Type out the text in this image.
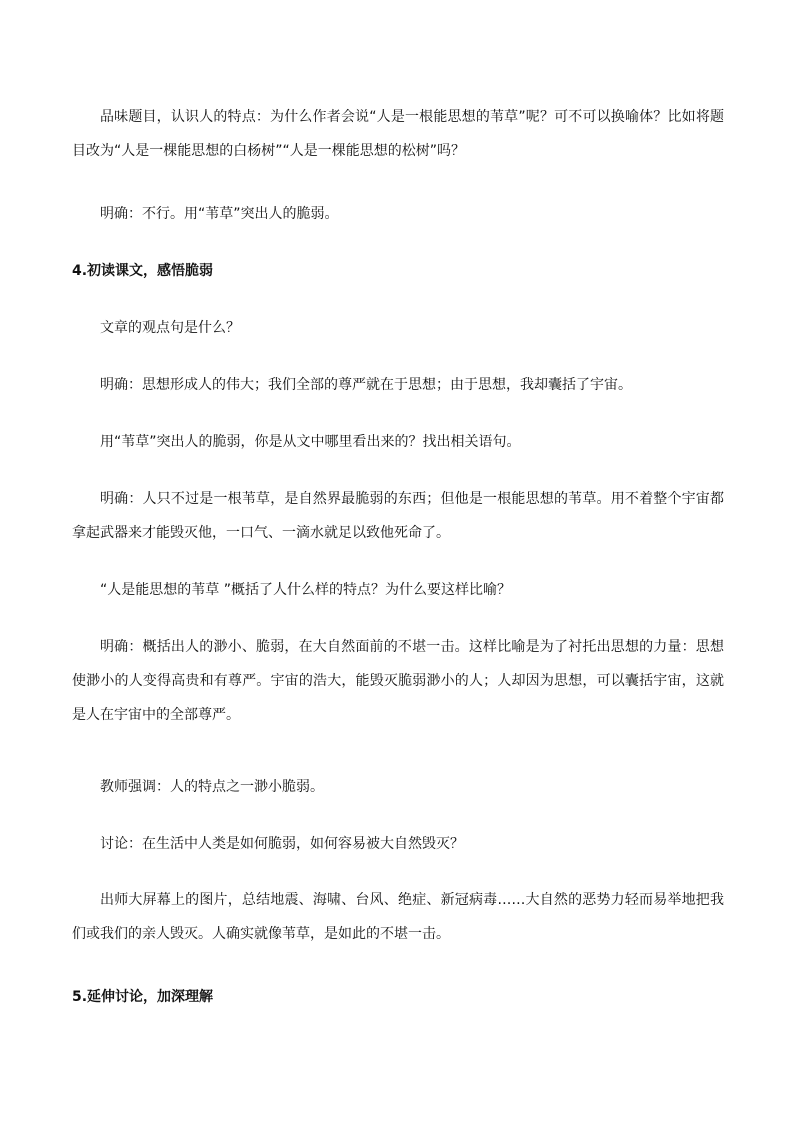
品味题目，认识人的特点：为什么作者会说“人是一根能思想的苇草”呢？可不可以换喻体？比如将题目改为“人是一棵能思想的白杨树”“人是一棵能思想的松树”吗？

明确：不行。用“苇草”突出人的脆弱。

4.初读课文，感悟脆弱

文章的观点句是什么？

明确：思想形成人的伟大；我们全部的尊严就在于思想；由于思想，我却囊括了宇宙。

用“苇草”突出人的脆弱，你是从文中哪里看出来的？找出相关语句。

明确：人只不过是一根苇草，是自然界最脆弱的东西；但他是一根能思想的苇草。用不着整个宇宙都拿起武器来才能毁灭他，一口气、一滴水就足以致他死命了。

“人是能思想的苇草 ”概括了人什么样的特点？为什么要这样比喻？

明确：概括出人的渺小、脆弱，在大自然面前的不堪一击。这样比喻是为了衬托出思想的力量：思想使渺小的人变得高贵和有尊严。宇宙的浩大，能毁灭脆弱渺小的人；人却因为思想，可以囊括宇宙，这就是人在宇宙中的全部尊严。

教师强调：人的特点之一渺小脆弱。

讨论：在生活中人类是如何脆弱，如何容易被大自然毁灭？

出师大屏幕上的图片，总结地震、海啸、台风、绝症、新冠病毒……大自然的恶势力轻而易举地把我们或我们的亲人毁灭。人确实就像苇草，是如此的不堪一击。

5.延伸讨论，加深理解
